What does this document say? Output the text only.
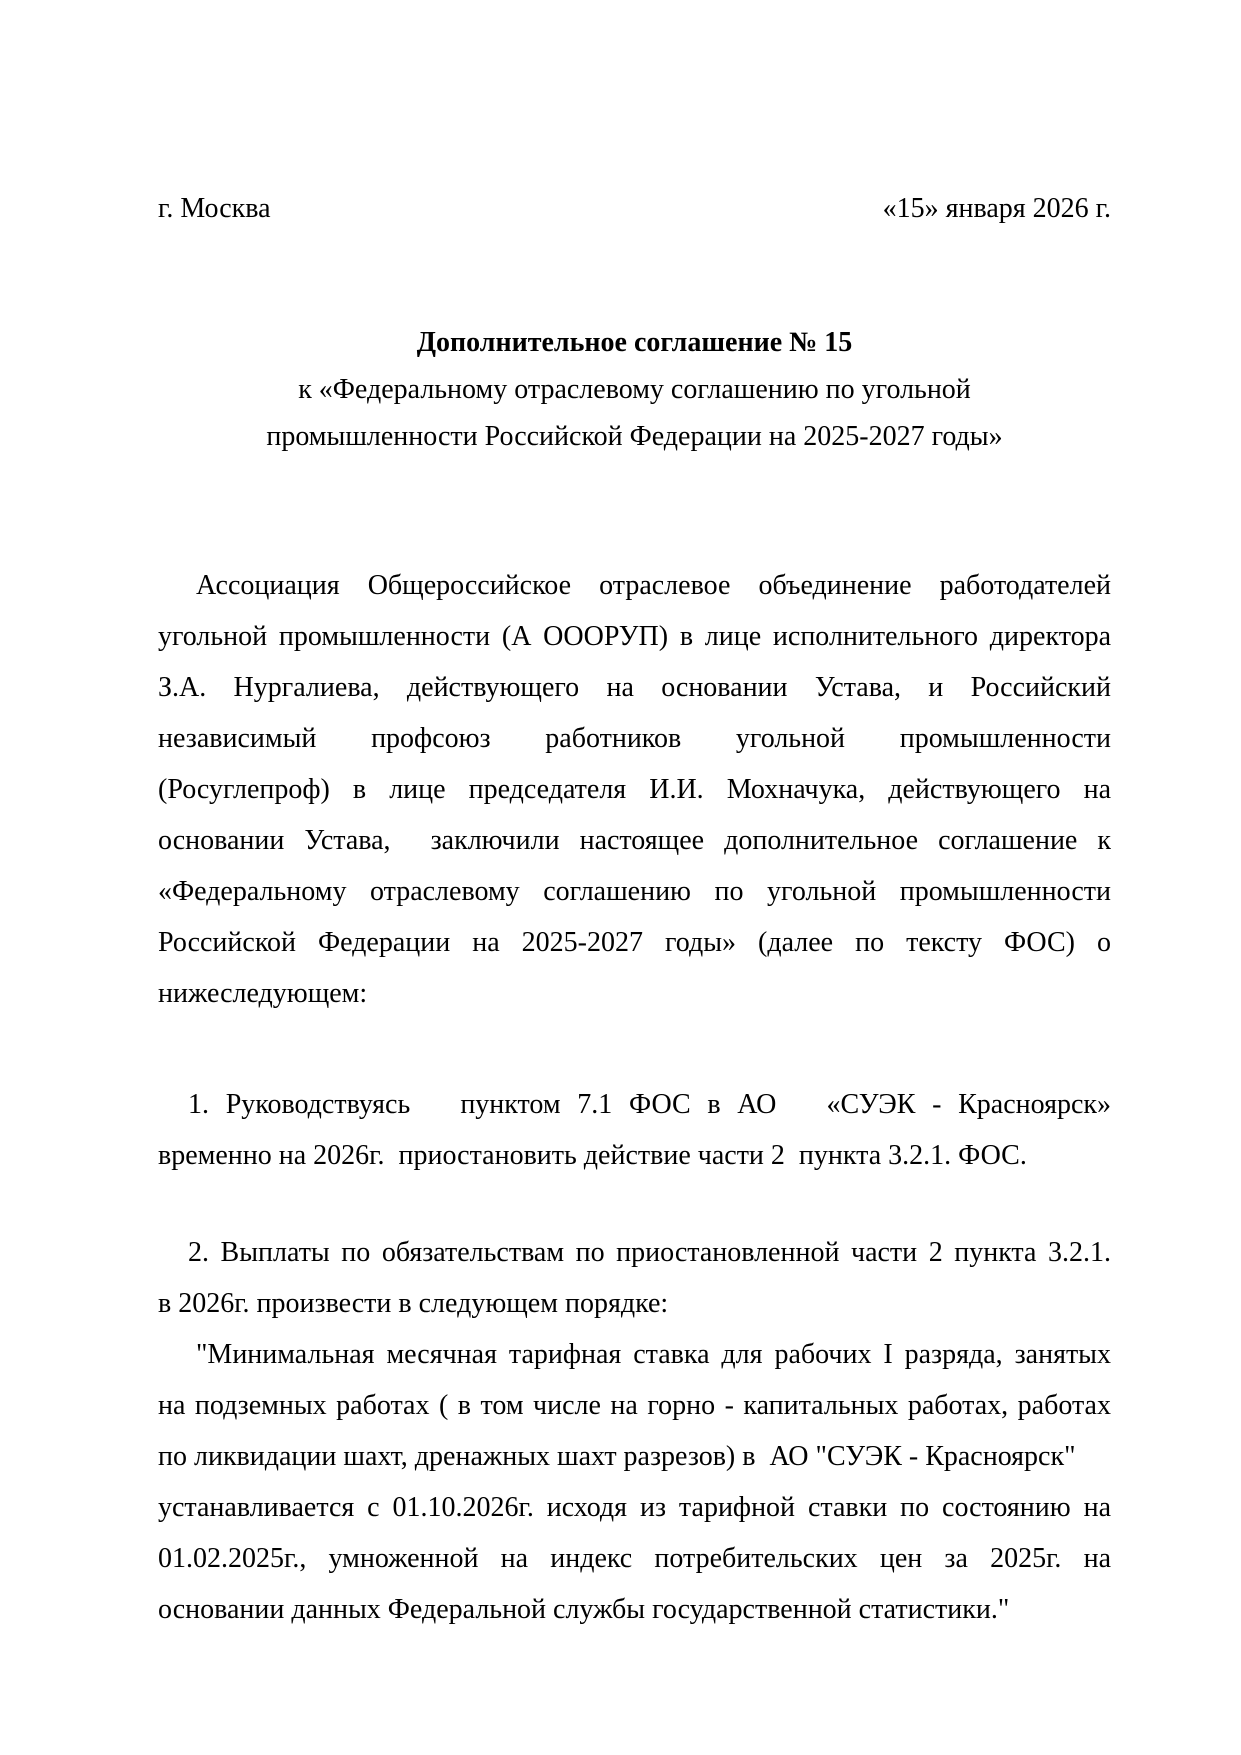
г. Москва	«15» января 2026 г.
Дополнительное соглашение № 15
к «Федеральному отраслевому соглашению по угольной
промышленности Российской Федерации на 2025-2027 годы»
Ассоциация Общероссийское отраслевое объединение работодателей
угольной промышленности (А ОООРУП) в лице исполнительного директора
З.А. Нургалиева, действующего на основании Устава, и Российский
независимый профсоюз работников угольной промышленности
(Росуглепроф) в лице председателя И.И. Мохначука, действующего на
основании Устава,  заключили настоящее дополнительное соглашение к
«Федеральному отраслевому соглашению по угольной промышленности
Российской Федерации на 2025-2027 годы» (далее по тексту ФОС) о
нижеследующем:
1. Руководствуясь   пунктом 7.1 ФОС в АО   «СУЭК - Красноярск»
временно на 2026г.  приостановить действие части 2  пункта 3.2.1. ФОС.
2. Выплаты по обязательствам по приостановленной части 2 пункта 3.2.1.
в 2026г. произвести в следующем порядке:
"Минимальная месячная тарифная ставка для рабочих I разряда, занятых
на подземных работах ( в том числе на горно - капитальных работах, работах
по ликвидации шахт, дренажных шахт разрезов) в  АО "СУЭК - Красноярск"
устанавливается с 01.10.2026г. исходя из тарифной ставки по состоянию на
01.02.2025г., умноженной на индекс потребительских цен за 2025г. на
основании данных Федеральной службы государственной статистики."
